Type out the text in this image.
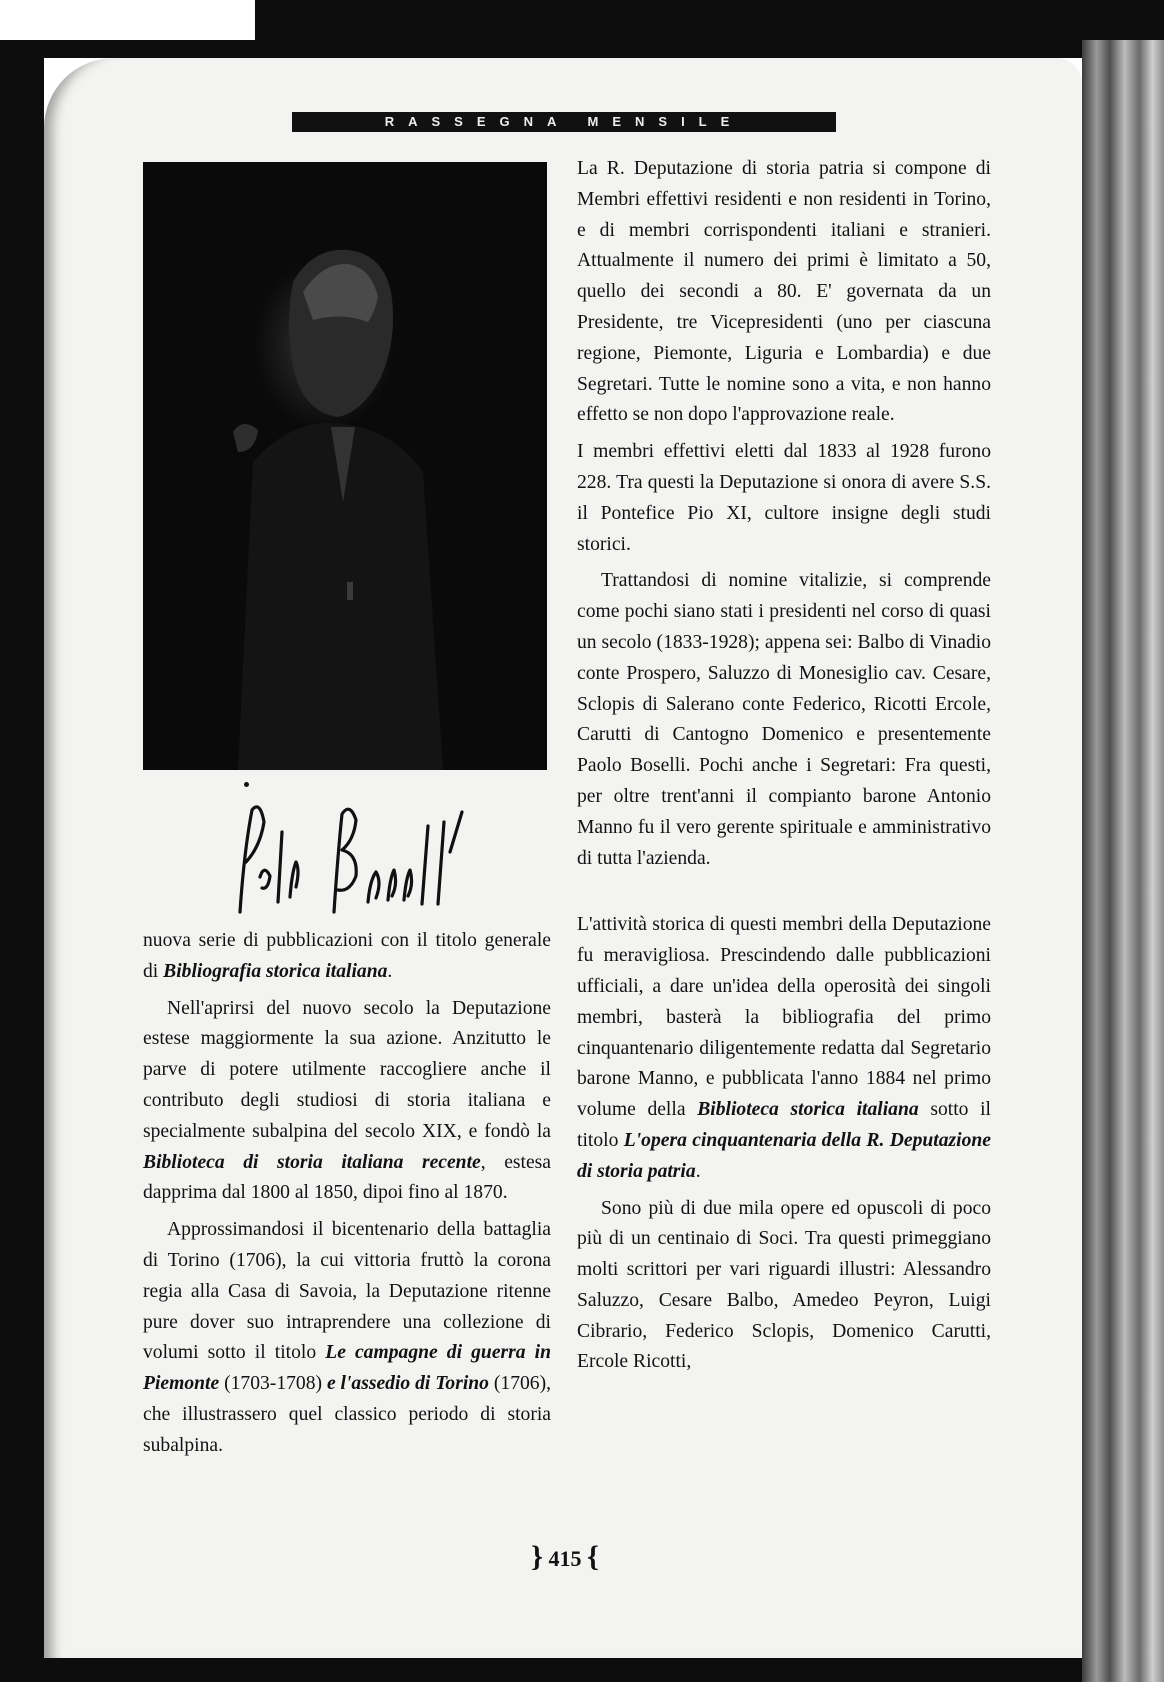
RASSEGNA MENSILE

nuova serie di pubblicazioni con il titolo generale di Bibliografia storica italiana.

Nell'aprirsi del nuovo secolo la Deputazione estese maggiormente la sua azione. Anzitutto le parve di potere utilmente raccogliere anche il contributo degli studiosi di storia italiana e specialmente subalpina del secolo XIX, e fondò la Biblioteca di storia italiana recente, estesa dapprima dal 1800 al 1850, dipoi fino al 1870.

Approssimandosi il bicentenario della battaglia di Torino (1706), la cui vittoria fruttò la corona regia alla Casa di Savoia, la Deputazione ritenne pure dover suo intraprendere una collezione di volumi sotto il titolo Le campagne di guerra in Piemonte (1703-1708) e l'assedio di Torino (1706), che illustrassero quel classico periodo di storia subalpina.

La R. Deputazione di storia patria si compone di Membri effettivi residenti e non residenti in Torino, e di membri corrispondenti italiani e stranieri. Attualmente il numero dei primi è limitato a 50, quello dei secondi a 80. E' governata da un Presidente, tre Vicepresidenti (uno per ciascuna regione, Piemonte, Liguria e Lombardia) e due Segretari. Tutte le nomine sono a vita, e non hanno effetto se non dopo l'approvazione reale.

I membri effettivi eletti dal 1833 al 1928 furono 228. Tra questi la Deputazione si onora di avere S.S. il Pontefice Pio XI, cultore insigne degli studi storici.

Trattandosi di nomine vitalizie, si comprende come pochi siano stati i presidenti nel corso di quasi un secolo (1833-1928); appena sei: Balbo di Vinadio conte Prospero, Saluzzo di Monesiglio cav. Cesare, Sclopis di Salerano conte Federico, Ricotti Ercole, Carutti di Cantogno Domenico e presentemente Paolo Boselli. Pochi anche i Segretari: Fra questi, per oltre trent'anni il compianto barone Antonio Manno fu il vero gerente spirituale e amministrativo di tutta l'azienda.

L'attività storica di questi membri della Deputazione fu meravigliosa. Prescindendo dalle pubblicazioni ufficiali, a dare un'idea della operosità dei singoli membri, basterà la bibliografia del primo cinquantenario diligentemente redatta dal Segretario barone Manno, e pubblicata l'anno 1884 nel primo volume della Biblioteca storica italiana sotto il titolo L'opera cinquantenaria della R. Deputazione di storia patria.

Sono più di due mila opere ed opuscoli di poco più di un centinaio di Soci. Tra questi primeggiano molti scrittori per vari riguardi illustri: Alessandro Saluzzo, Cesare Balbo, Amedeo Peyron, Luigi Cibrario, Federico Sclopis, Domenico Carutti, Ercole Ricotti,

} 415 {
